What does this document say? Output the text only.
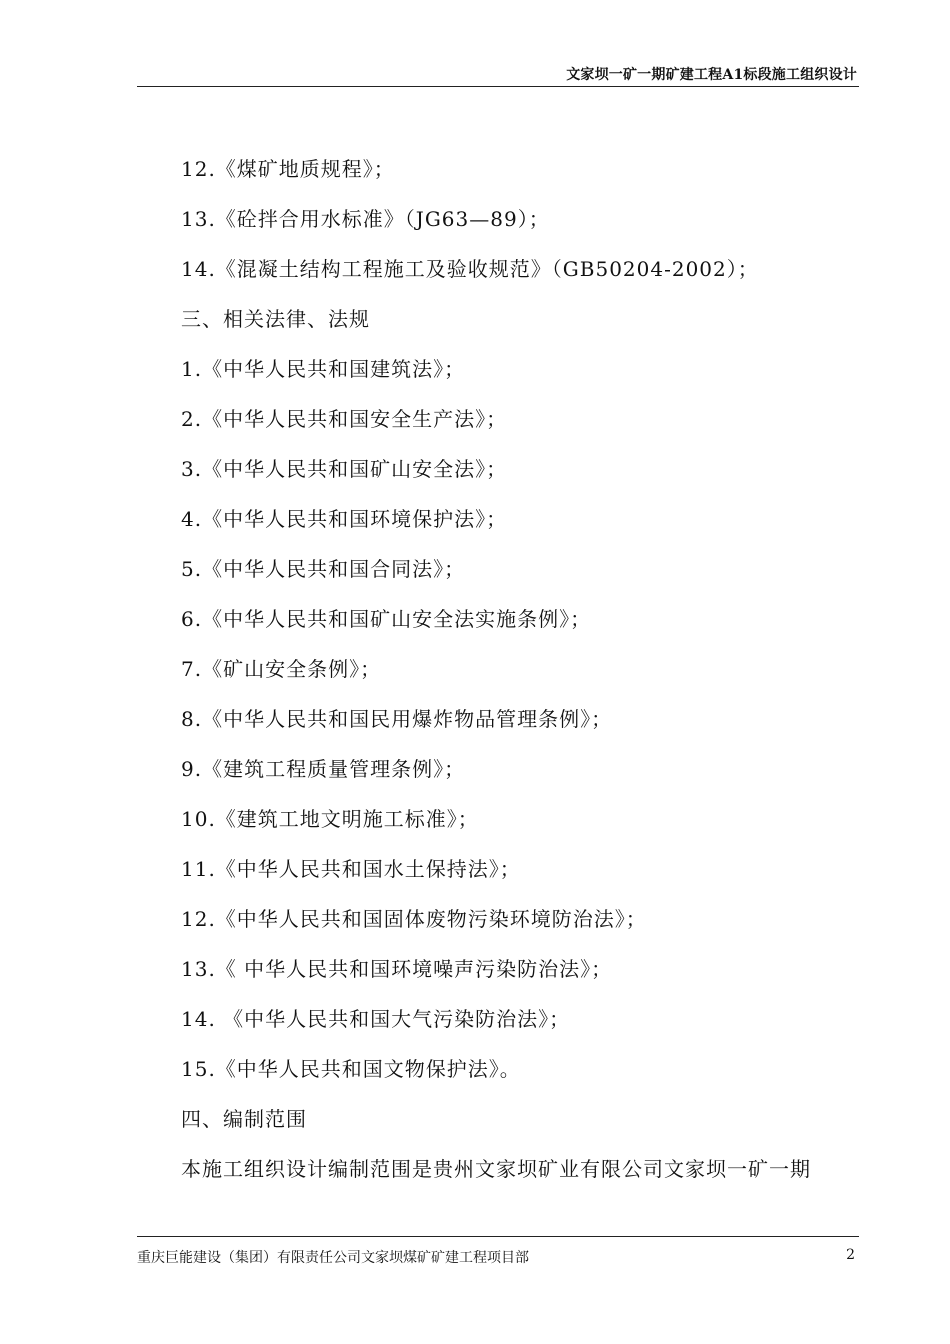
文家坝一矿一期矿建工程A1标段施工组织设计
12.《煤矿地质规程》；
13.《砼拌合用水标准》（JG63—89）；
14.《混凝土结构工程施工及验收规范》（GB50204-2002）；
三、相关法律、法规
1.《中华人民共和国建筑法》；
2.《中华人民共和国安全生产法》；
3.《中华人民共和国矿山安全法》；
4.《中华人民共和国环境保护法》；
5.《中华人民共和国合同法》；
6.《中华人民共和国矿山安全法实施条例》；
7.《矿山安全条例》；
8.《中华人民共和国民用爆炸物品管理条例》；
9.《建筑工程质量管理条例》；
10.《建筑工地文明施工标准》；
11.《中华人民共和国水土保持法》；
12.《中华人民共和国固体废物污染环境防治法》；
13.《 中华人民共和国环境噪声污染防治法》；
14. 《中华人民共和国大气污染防治法》；
15.《中华人民共和国文物保护法》。
四、编制范围
本施工组织设计编制范围是贵州文家坝矿业有限公司文家坝一矿一期
重庆巨能建设（集团）有限责任公司文家坝煤矿矿建工程项目部	2
